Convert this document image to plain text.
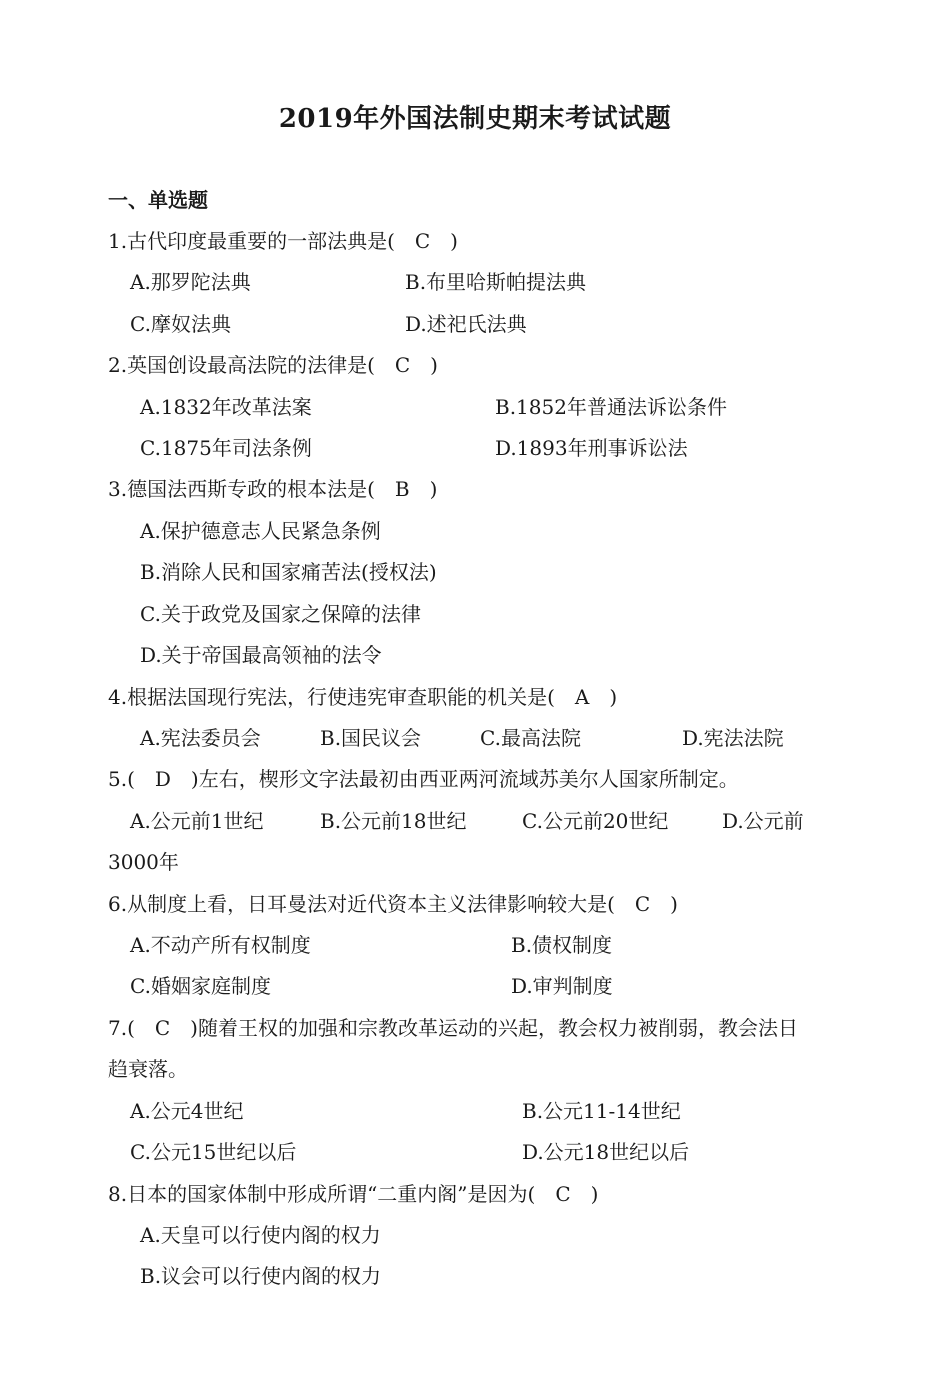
2019年外国法制史期末考试试题
一、单选题
1.古代印度最重要的一部法典是(　C　)
A.那罗陀法典	B.布里哈斯帕提法典
C.摩奴法典	D.述祀氏法典
2.英国创设最高法院的法律是(　C　)
A.1832年改革法案	B.1852年普通法诉讼条件
C.1875年司法条例	D.1893年刑事诉讼法
3.德国法西斯专政的根本法是(　B　)
A.保护德意志人民紧急条例
B.消除人民和国家痛苦法(授权法)
C.关于政党及国家之保障的法律
D.关于帝国最高领袖的法令
4.根据法国现行宪法，行使违宪审查职能的机关是(　A　)
A.宪法委员会	B.国民议会	C.最高法院	D.宪法法院
5.(　D　)左右，楔形文字法最初由西亚两河流域苏美尔人国家所制定。
A.公元前1世纪	B.公元前18世纪	C.公元前20世纪	D.公元前
3000年
6.从制度上看，日耳曼法对近代资本主义法律影响较大是(　C　)
A.不动产所有权制度	B.债权制度
C.婚姻家庭制度	D.审判制度
7.(　C　)随着王权的加强和宗教改革运动的兴起，教会权力被削弱，教会法日
趋衰落。
A.公元4世纪	B.公元11-14世纪
C.公元15世纪以后	D.公元18世纪以后
8.日本的国家体制中形成所谓“二重内阁”是因为(　C　)
A.天皇可以行使内阁的权力
B.议会可以行使内阁的权力
